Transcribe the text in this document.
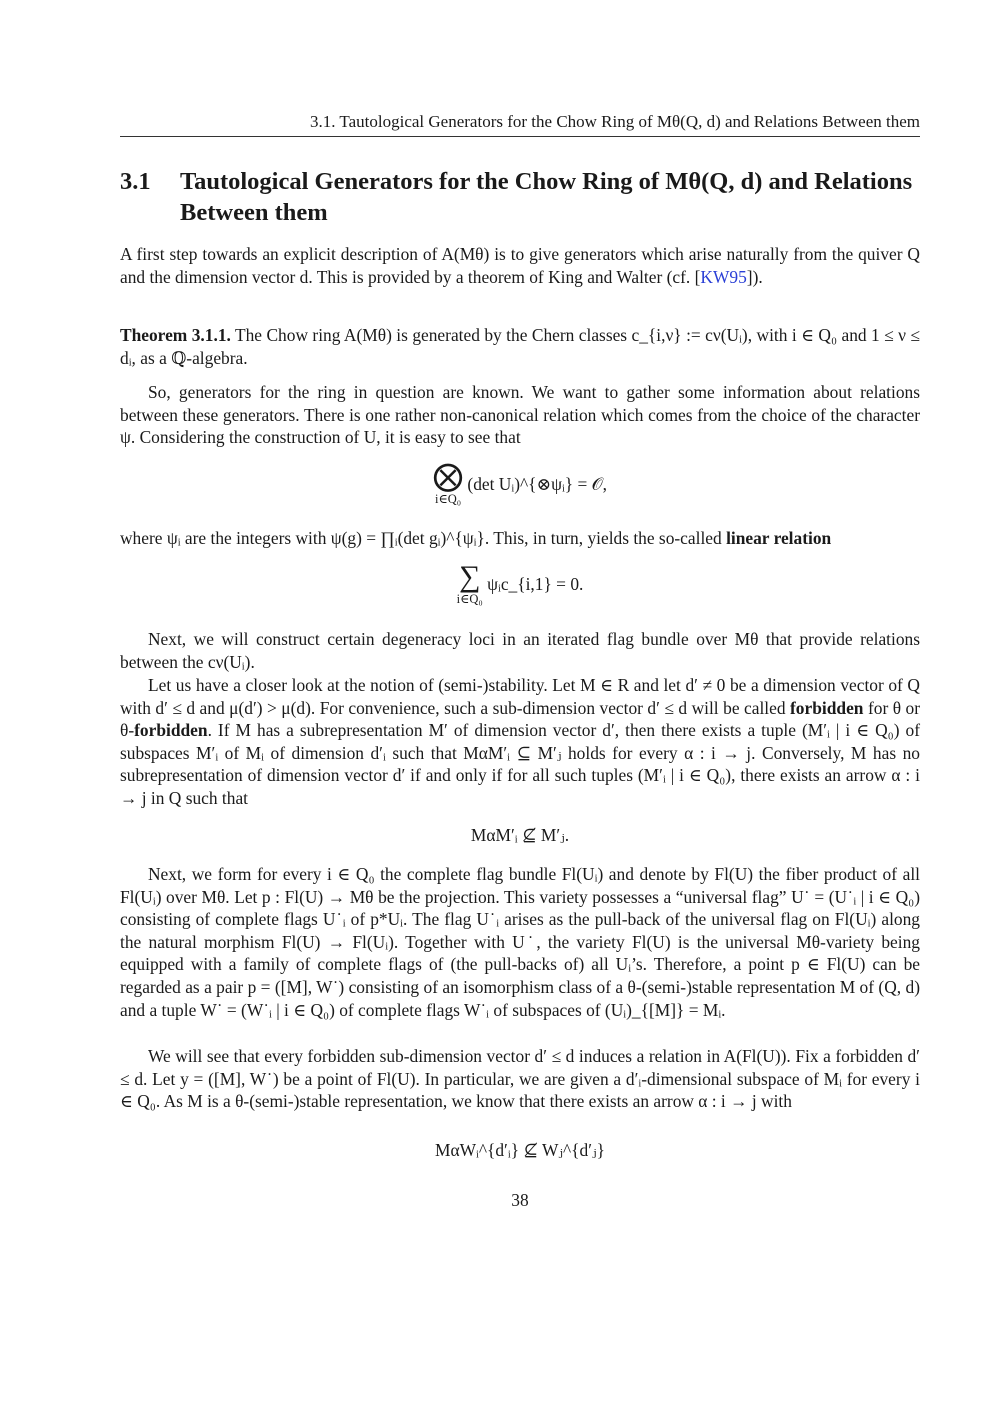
3.1. Tautological Generators for the Chow Ring of Mθ(Q, d) and Relations Between them
3.1 Tautological Generators for the Chow Ring of Mθ(Q, d) and Relations Between them

A first step towards an explicit description of A(Mθ) is to give generators which arise naturally from the quiver Q and the dimension vector d. This is provided by a theorem of King and Walter (cf. [KW95]).

Theorem 3.1.1. The Chow ring A(Mθ) is generated by the Chern classes c_{i,ν} := cν(Uᵢ), with i ∈ Q₀ and 1 ≤ ν ≤ dᵢ, as a ℚ-algebra.

So, generators for the ring in question are known. We want to gather some information about relations between these generators. There is one rather non-canonical relation which comes from the choice of the character ψ. Considering the construction of U, it is easy to see that

⨂
i∈Q₀
(det Uᵢ)^{⊗ψᵢ} = 𝒪,

where ψᵢ are the integers with ψ(g) = ∏ᵢ(det gᵢ)^{ψᵢ}. This, in turn, yields the so-called linear relation

∑
i∈Q₀
ψᵢc_{i,1} = 0.

Next, we will construct certain degeneracy loci in an iterated flag bundle over Mθ that provide relations between the cν(Uᵢ).

Let us have a closer look at the notion of (semi-)stability. Let M ∈ R and let d′ ≠ 0 be a dimension vector of Q with d′ ≤ d and μ(d′) > μ(d). For convenience, such a sub-dimension vector d′ ≤ d will be called forbidden for θ or θ-forbidden. If M has a subrepresentation M′ of dimension vector d′, then there exists a tuple (M′ᵢ | i ∈ Q₀) of subspaces M′ᵢ of Mᵢ of dimension d′ᵢ such that MαM′ᵢ ⊆ M′ⱼ holds for every α : i → j. Conversely, M has no subrepresentation of dimension vector d′ if and only if for all such tuples (M′ᵢ | i ∈ Q₀), there exists an arrow α : i → j in Q such that

MαM′ᵢ ⊈ M′ⱼ.

Next, we form for every i ∈ Q₀ the complete flag bundle Fl(Uᵢ) and denote by Fl(U) the fiber product of all Fl(Uᵢ) over Mθ. Let p : Fl(U) → Mθ be the projection. This variety possesses a “universal flag” U˙ = (U˙ᵢ | i ∈ Q₀) consisting of complete flags U˙ᵢ of p*Uᵢ. The flag U˙ᵢ arises as the pull-back of the universal flag on Fl(Uᵢ) along the natural morphism Fl(U) → Fl(Uᵢ). Together with U˙, the variety Fl(U) is the universal Mθ-variety being equipped with a family of complete flags of (the pull-backs of) all Uᵢ’s. Therefore, a point p ∈ Fl(U) can be regarded as a pair p = ([M], W˙) consisting of an isomorphism class of a θ-(semi-)stable representation M of (Q, d) and a tuple W˙ = (W˙ᵢ | i ∈ Q₀) of complete flags W˙ᵢ of subspaces of (Uᵢ)_{[M]} = Mᵢ.

We will see that every forbidden sub-dimension vector d′ ≤ d induces a relation in A(Fl(U)). Fix a forbidden d′ ≤ d. Let y = ([M], W˙) be a point of Fl(U). In particular, we are given a d′ᵢ-dimensional subspace of Mᵢ for every i ∈ Q₀. As M is a θ-(semi-)stable representation, we know that there exists an arrow α : i → j with

MαWᵢ^{d′ᵢ} ⊈ Wⱼ^{d′ⱼ}
38
